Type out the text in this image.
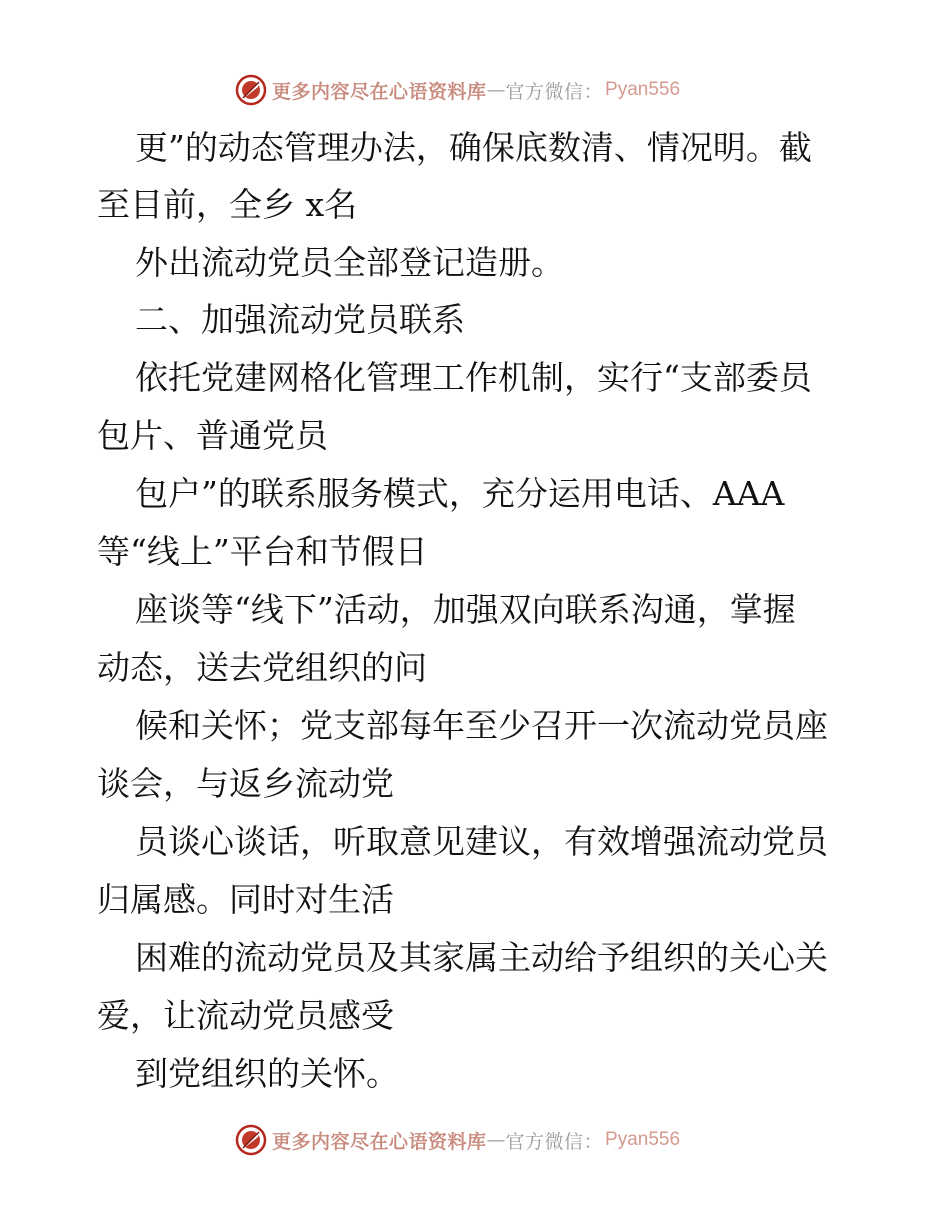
更多内容尽在心语资料库 — 官方微信： Pyan556
更”的动态管理办法，确保底数清、情况明。截
至目前，全乡 x名
外出流动党员全部登记造册。
二、加强流动党员联系
依托党建网格化管理工作机制，实行“支部委员
包片、普通党员
包户”的联系服务模式，充分运用电话、AAA
等“线上”平台和节假日
座谈等“线下”活动，加强双向联系沟通，掌握
动态，送去党组织的问
候和关怀；党支部每年至少召开一次流动党员座
谈会，与返乡流动党
员谈心谈话，听取意见建议，有效增强流动党员
归属感。同时对生活
困难的流动党员及其家属主动给予组织的关心关
爱，让流动党员感受
到党组织的关怀。
更多内容尽在心语资料库 — 官方微信： Pyan556
